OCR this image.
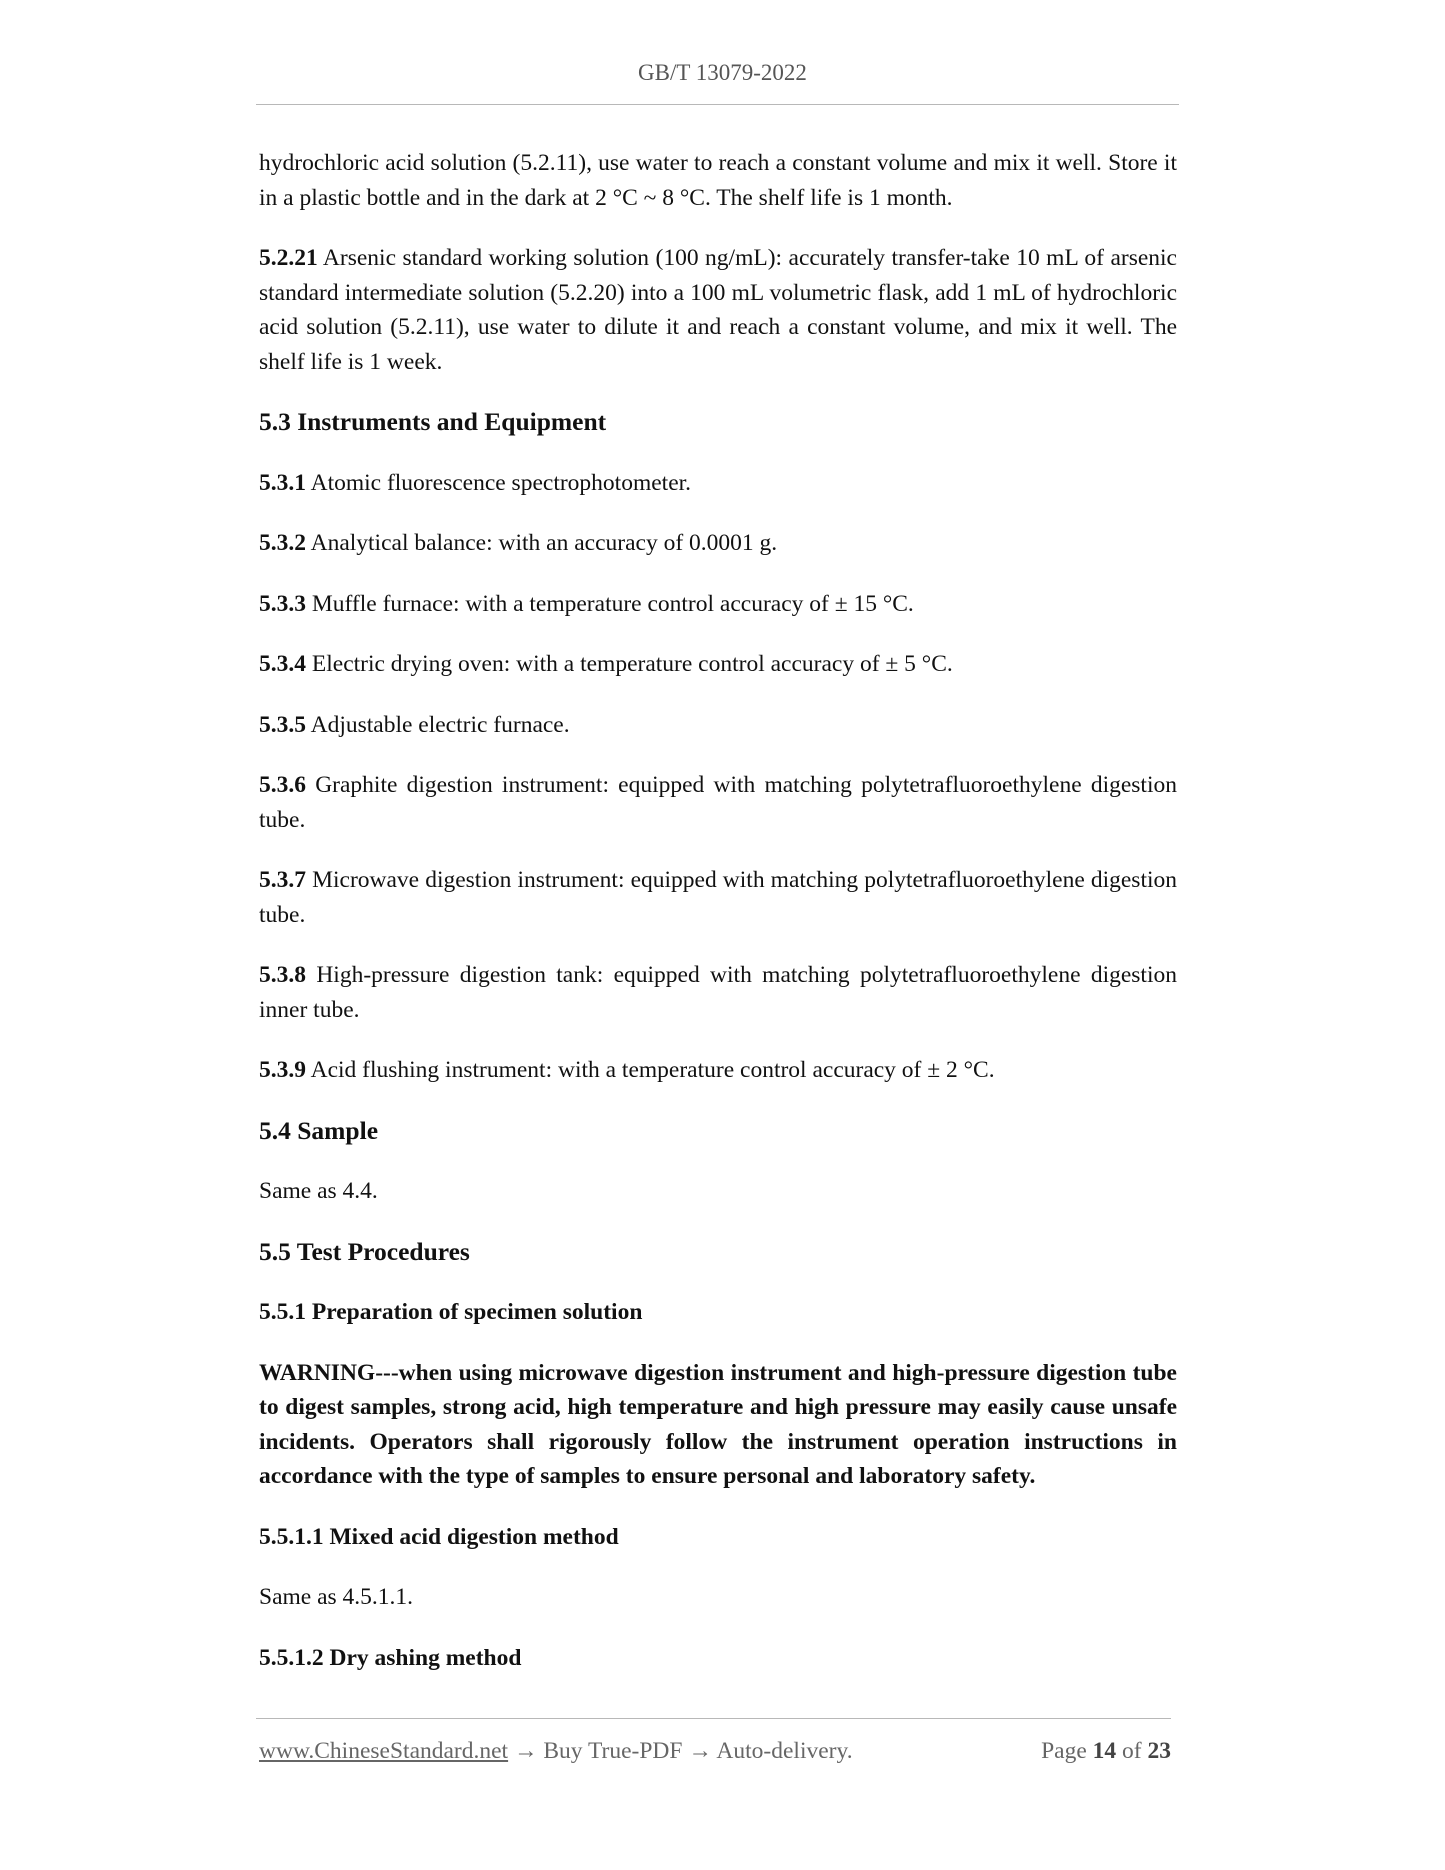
GB/T 13079-2022

hydrochloric acid solution (5.2.11), use water to reach a constant volume and mix it well. Store it in a plastic bottle and in the dark at 2 °C ~ 8 °C. The shelf life is 1 month.

5.2.21 Arsenic standard working solution (100 ng/mL): accurately transfer-take 10 mL of arsenic standard intermediate solution (5.2.20) into a 100 mL volumetric flask, add 1 mL of hydrochloric acid solution (5.2.11), use water to dilute it and reach a constant volume, and mix it well. The shelf life is 1 week.

5.3 Instruments and Equipment

5.3.1 Atomic fluorescence spectrophotometer.

5.3.2 Analytical balance: with an accuracy of 0.0001 g.

5.3.3 Muffle furnace: with a temperature control accuracy of ± 15 °C.

5.3.4 Electric drying oven: with a temperature control accuracy of ± 5 °C.

5.3.5 Adjustable electric furnace.

5.3.6 Graphite digestion instrument: equipped with matching polytetrafluoroethylene digestion tube.

5.3.7 Microwave digestion instrument: equipped with matching polytetrafluoroethylene digestion tube.

5.3.8 High-pressure digestion tank: equipped with matching polytetrafluoroethylene digestion inner tube.

5.3.9 Acid flushing instrument: with a temperature control accuracy of ± 2 °C.

5.4 Sample

Same as 4.4.

5.5 Test Procedures
5.5.1 Preparation of specimen solution

WARNING---when using microwave digestion instrument and high-pressure digestion tube to digest samples, strong acid, high temperature and high pressure may easily cause unsafe incidents. Operators shall rigorously follow the instrument operation instructions in accordance with the type of samples to ensure personal and laboratory safety.

5.5.1.1 Mixed acid digestion method

Same as 4.5.1.1.

5.5.1.2 Dry ashing method
www.ChineseStandard.net → Buy True-PDF → Auto-delivery.	Page 14 of 23
